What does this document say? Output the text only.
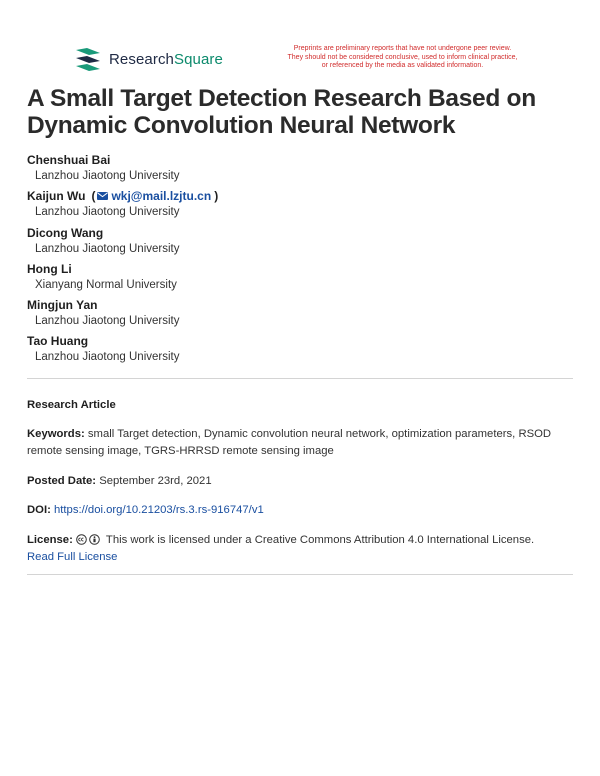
ResearchSquare
Preprints are preliminary reports that have not undergone peer review.
They should not be considered conclusive, used to inform clinical practice,
or referenced by the media as validated information.
A Small Target Detection Research Based on
Dynamic Convolution Neural Network
Chenshuai Bai
Lanzhou Jiaotong University
Kaijun Wu ( wkj@mail.lzjtu.cn )
Lanzhou Jiaotong University
Dicong Wang
Lanzhou Jiaotong University
Hong Li
Xianyang Normal University
Mingjun Yan
Lanzhou Jiaotong University
Tao Huang
Lanzhou Jiaotong University
Research Article
Keywords: small Target detection, Dynamic convolution neural network, optimization parameters, RSOD remote sensing image, TGRS-HRRSD remote sensing image
Posted Date: September 23rd, 2021
DOI: https://doi.org/10.21203/rs.3.rs-916747/v1
License:	This work is licensed under a Creative Commons Attribution 4.0 International License.
Read Full License
